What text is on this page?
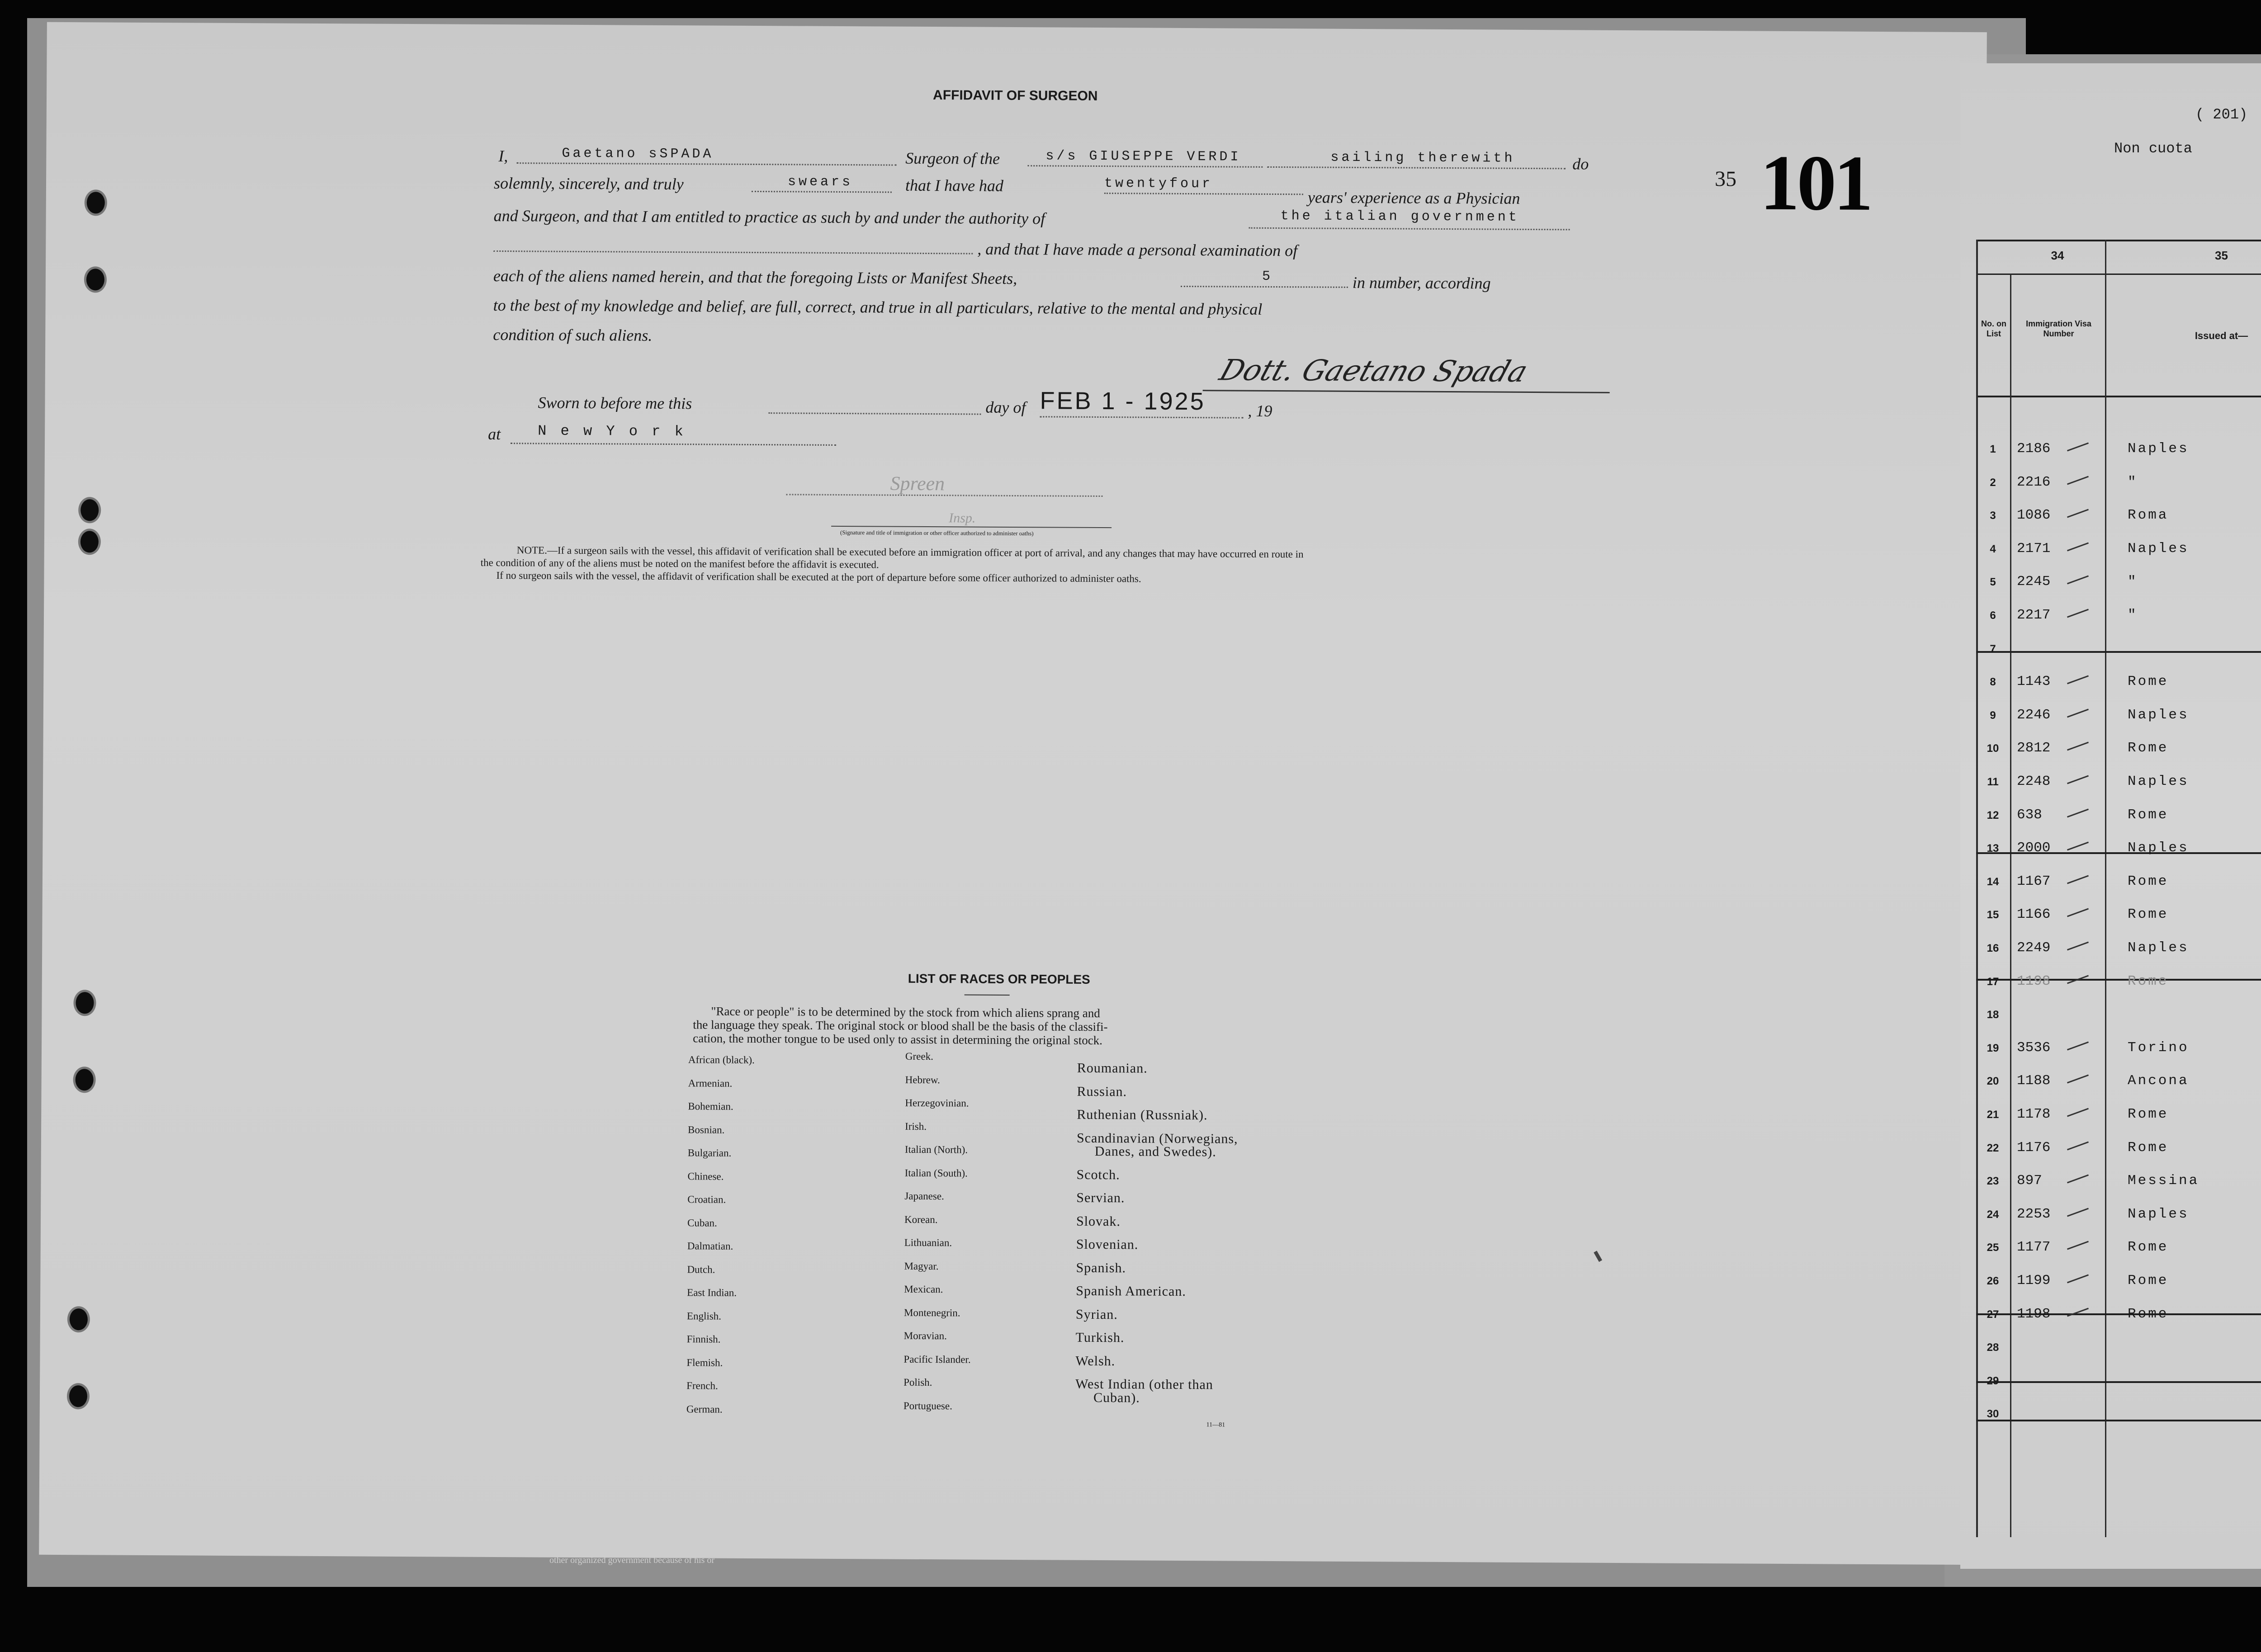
AFFIDAVIT OF SURGEON
35 101
I,	Gaetano sSPADA	Surgeon of the	s/s GIUSEPPE VERDI	sailing therewith	do
solemnly, sincerely, and truly	swears	that I have had	twentyfour
years' experience as a Physician
and Surgeon, and that I am entitled to practice as such by and under the authority of	the italian government
, and that I have made a personal examination of
each of the aliens named herein, and that the foregoing Lists or Manifest Sheets,	5	in number, according
to the best of my knowledge and belief, are full, correct, and true in all particulars, relative to the mental and physical
condition of such aliens.
Dott. Gaetano Spada
Sworn to before me this	day of FEB 1 - 1925	, 19
at	N e w Y o r k
Spreen
Insp.
(Signature and title of immigration or other officer authorized to administer oaths)
NOTE.—If a surgeon sails with the vessel, this affidavit of verification shall be executed before an immigration officer at port of arrival, and any changes that may have occurred en route in
the condition of any of the aliens must be noted on the manifest before the affidavit is executed.
If no surgeon sails with the vessel, the affidavit of verification shall be executed at the port of departure before some officer authorized to administer oaths.
LIST OF RACES OR PEOPLES
"Race or people" is to be determined by the stock from which aliens sprang and
the language they speak. The original stock or blood shall be the basis of the classifi-
cation, the mother tongue to be used only to assist in determining the original stock.
African (black).
Armenian.
Bohemian.
Bosnian.
Bulgarian.
Chinese.
Croatian.
Cuban.
Dalmatian.
Dutch.
East Indian.
English.
Finnish.
Flemish.
French.
German.
Greek.
Hebrew.
Herzegovinian.
Irish.
Italian (North).
Italian (South).
Japanese.
Korean.
Lithuanian.
Magyar.
Mexican.
Montenegrin.
Moravian.
Pacific Islander.
Polish.
Portuguese.
Roumanian.
Russian.
Ruthenian (Russniak).
Scandinavian (Norwegians,
Danes, and Swedes).
Scotch.
Servian.
Slovak.
Slovenian.
Spanish.
Spanish American.
Syrian.
Turkish.
Welsh.
West Indian (other than
Cuban).
11—81
other organized government because of his or
( 201)
Non cuota
34	35
No. on List
Immigration Visa Number	Issued at—
1	2186	Naples
2	2216	"
3	1086	Roma
4	2171	Naples
5	2245	"
6	2217	"
7
8	1143	Rome
9	2246	Naples
10	2812	Rome
11	2248	Naples
12	638	Rome
13	2000	Naples
14	1167	Rome
15	1166	Rome
16	2249	Naples
17	1198	Rome
18
19	3536	Torino
20	1188	Ancona
21	1178	Rome
22	1176	Rome
23	897	Messina
24	2253	Naples
25	1177	Rome
26	1199	Rome
27	1198	Rome
28
29
30
